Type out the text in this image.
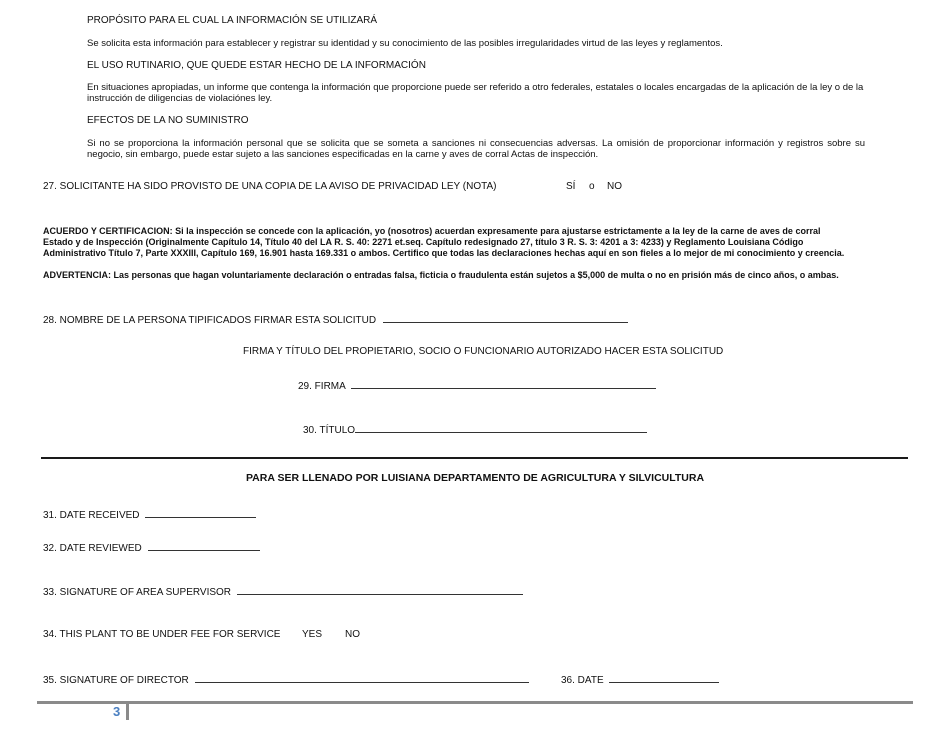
PROPÓSITO PARA EL CUAL LA INFORMACIÓN SE UTILIZARÁ
Se solicita esta información para establecer y registrar su identidad y su conocimiento de las posibles irregularidades virtud de las leyes y reglamentos.
EL USO RUTINARIO, QUE QUEDE ESTAR HECHO DE LA INFORMACIÓN
En situaciones apropiadas, un informe que contenga la información que proporcione puede ser referido a otro federales, estatales o locales encargadas de la aplicación de la ley o de la instrucción de diligencias de violaciónes ley.
EFECTOS DE LA NO SUMINISTRO
Si no se proporciona la información personal que se solicita que se someta a sanciones ni consecuencias adversas. La omisión de proporcionar información y registros sobre su negocio, sin embargo, puede estar sujeto a las sanciones especificadas en la carne y aves de corral Actas de inspección.
27. SOLICITANTE HA SIDO PROVISTO DE UNA COPIA DE LA AVISO DE PRIVACIDAD LEY (NOTA)	SÍ o NO
ACUERDO Y CERTIFICACION: Si la inspección se concede con la aplicación, yo (nosotros) acuerdan expresamente para ajustarse estrictamente a la ley de la carne de aves de corral
Estado y de Inspección (Originalmente Capítulo 14, Título 40 del LA R. S. 40: 2271 et.seq. Capítulo redesignado 27, título 3 R. S. 3: 4201 a 3: 4233) y Reglamento Louisiana Código
Administrativo Título 7, Parte XXXIII, Capítulo 169, 16.901 hasta 169.331 o ambos. Certifico que todas las declaraciones hechas aquí en son fieles a lo mejor de mi conocimiento y creencia.
ADVERTENCIA: Las personas que hagan voluntariamente declaración o entradas falsa, ficticia o fraudulenta están sujetos a $5,000 de multa o no en prisión más de cinco años, o ambas.
28. NOMBRE DE LA PERSONA TIPIFICADOS FIRMAR ESTA SOLICITUD
FIRMA Y TÍTULO DEL PROPIETARIO, SOCIO O FUNCIONARIO AUTORIZADO HACER ESTA SOLICITUD
29. FIRMA
30. TÍTULO
PARA SER LLENADO POR LUISIANA DEPARTAMENTO DE AGRICULTURA Y SILVICULTURA
31. DATE RECEIVED
32. DATE REVIEWED
33. SIGNATURE OF AREA SUPERVISOR
34. THIS PLANT TO BE UNDER FEE FOR SERVICE YES NO
35. SIGNATURE OF DIRECTOR	36. DATE
3
